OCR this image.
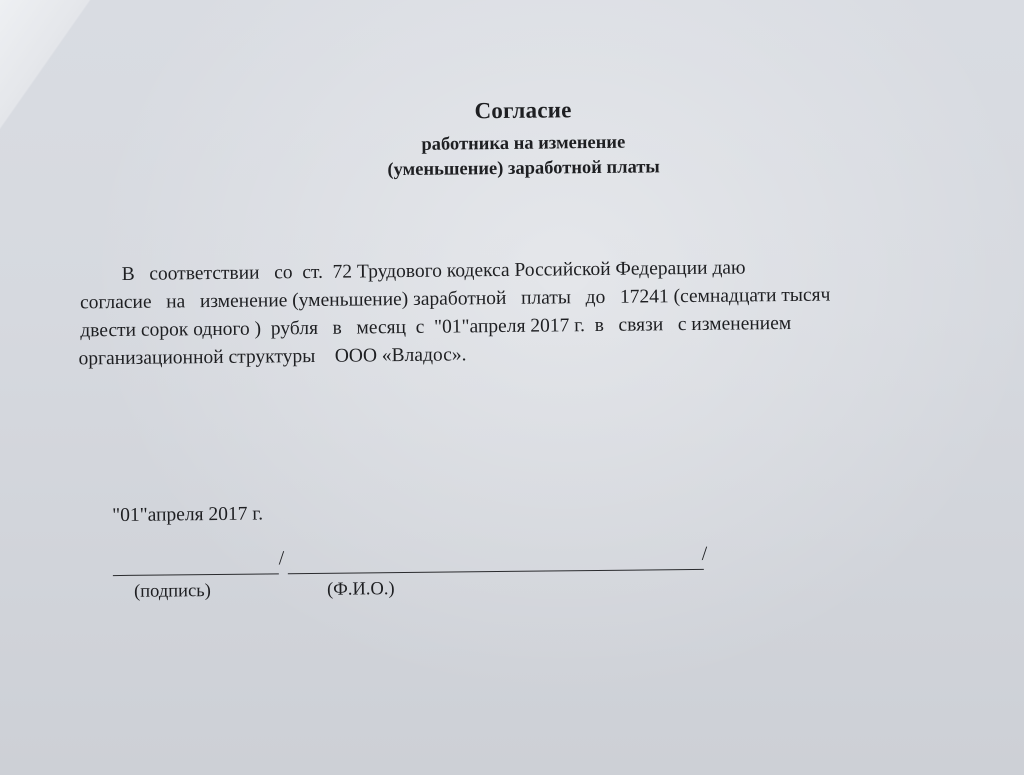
Согласие
работника на изменение
(уменьшение) заработной платы
В   соответствии   со  ст.  72 Трудового кодекса Российской Федерации даю
согласие   на   изменение (уменьшение) заработной   платы   до   17241 (семнадцати тысяч
двести сорок одного )  рубля   в   месяц  с  "01"апреля 2017 г.  в   связи   с изменением
организационной структуры    ООО «Владос».
"01"апреля 2017 г.
/	/
(подпись)	(Ф.И.О.)
